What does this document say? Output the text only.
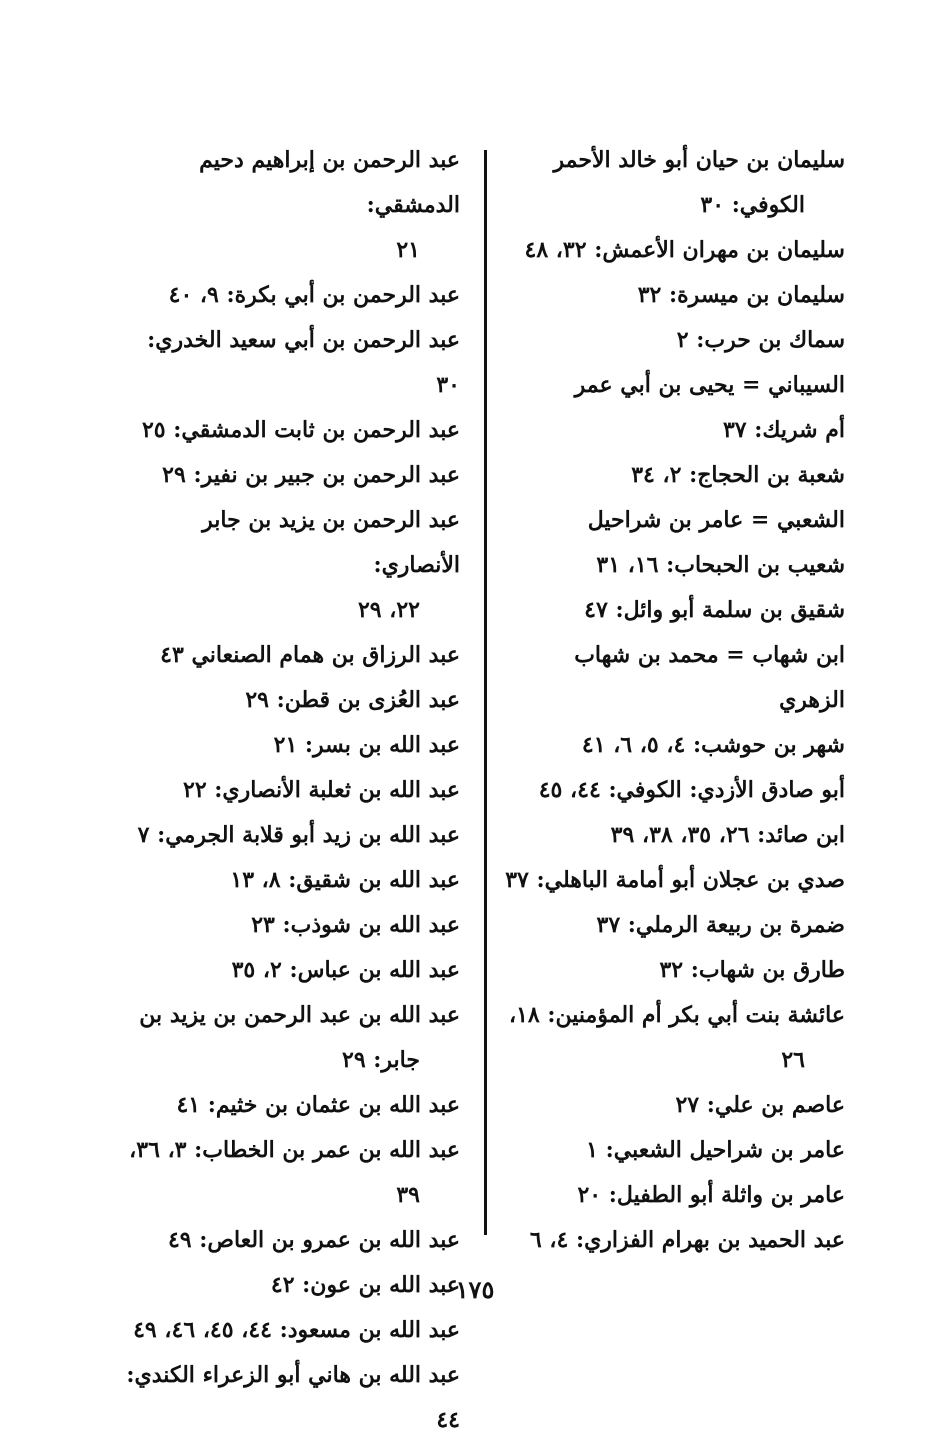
سليمان بن حيان أبو خالد الأحمر
الكوفي: ٣٠

سليمان بن مهران الأعمش: ٣٢، ٤٨

سليمان بن ميسرة: ٣٢

سماك بن حرب: ٢

السيباني = يحيى بن أبي عمر

أم شريك: ٣٧

شعبة بن الحجاج: ٢، ٣٤

الشعبي = عامر بن شراحيل

شعيب بن الحبحاب: ١٦، ٣١

شقيق بن سلمة أبو وائل: ٤٧

ابن شهاب = محمد بن شهاب الزهري

شهر بن حوشب: ٤، ٥، ٦، ٤١

أبو صادق الأزدي: الكوفي: ٤٤، ٤٥

ابن صائد: ٢٦، ٣٥، ٣٨، ٣٩

صدي بن عجلان أبو أمامة الباهلي: ٣٧

ضمرة بن ربيعة الرملي: ٣٧

طارق بن شهاب: ٣٢

عائشة بنت أبي بكر أم المؤمنين: ١٨،
٢٦

عاصم بن علي: ٢٧

عامر بن شراحيل الشعبي: ١

عامر بن واثلة أبو الطفيل: ٢٠

عبد الحميد بن بهرام الفزاري: ٤، ٦

عبد الرحمن بن إبراهيم دحيم الدمشقي:
٢١

عبد الرحمن بن أبي بكرة: ٩، ٤٠

عبد الرحمن بن أبي سعيد الخدري: ٣٠

عبد الرحمن بن ثابت الدمشقي: ٢٥

عبد الرحمن بن جبير بن نفير: ٢٩

عبد الرحمن بن يزيد بن جابر الأنصاري:
٢٢، ٢٩

عبد الرزاق بن همام الصنعاني ٤٣

عبد العُزى بن قطن: ٢٩

عبد الله بن بسر: ٢١

عبد الله بن ثعلبة الأنصاري: ٢٢

عبد الله بن زيد أبو قلابة الجرمي: ٧

عبد الله بن شقيق: ٨، ١٣

عبد الله بن شوذب: ٢٣

عبد الله بن عباس: ٢، ٣٥

عبد الله بن عبد الرحمن بن يزيد بن
جابر: ٢٩

عبد الله بن عثمان بن خثيم: ٤١

عبد الله بن عمر بن الخطاب: ٣، ٣٦،
٣٩

عبد الله بن عمرو بن العاص: ٤٩

عبد الله بن عون: ٤٢

عبد الله بن مسعود: ٤٤، ٤٥، ٤٦، ٤٩

عبد الله بن هاني أبو الزعراء الكندي: ٤٤

١٧٥
